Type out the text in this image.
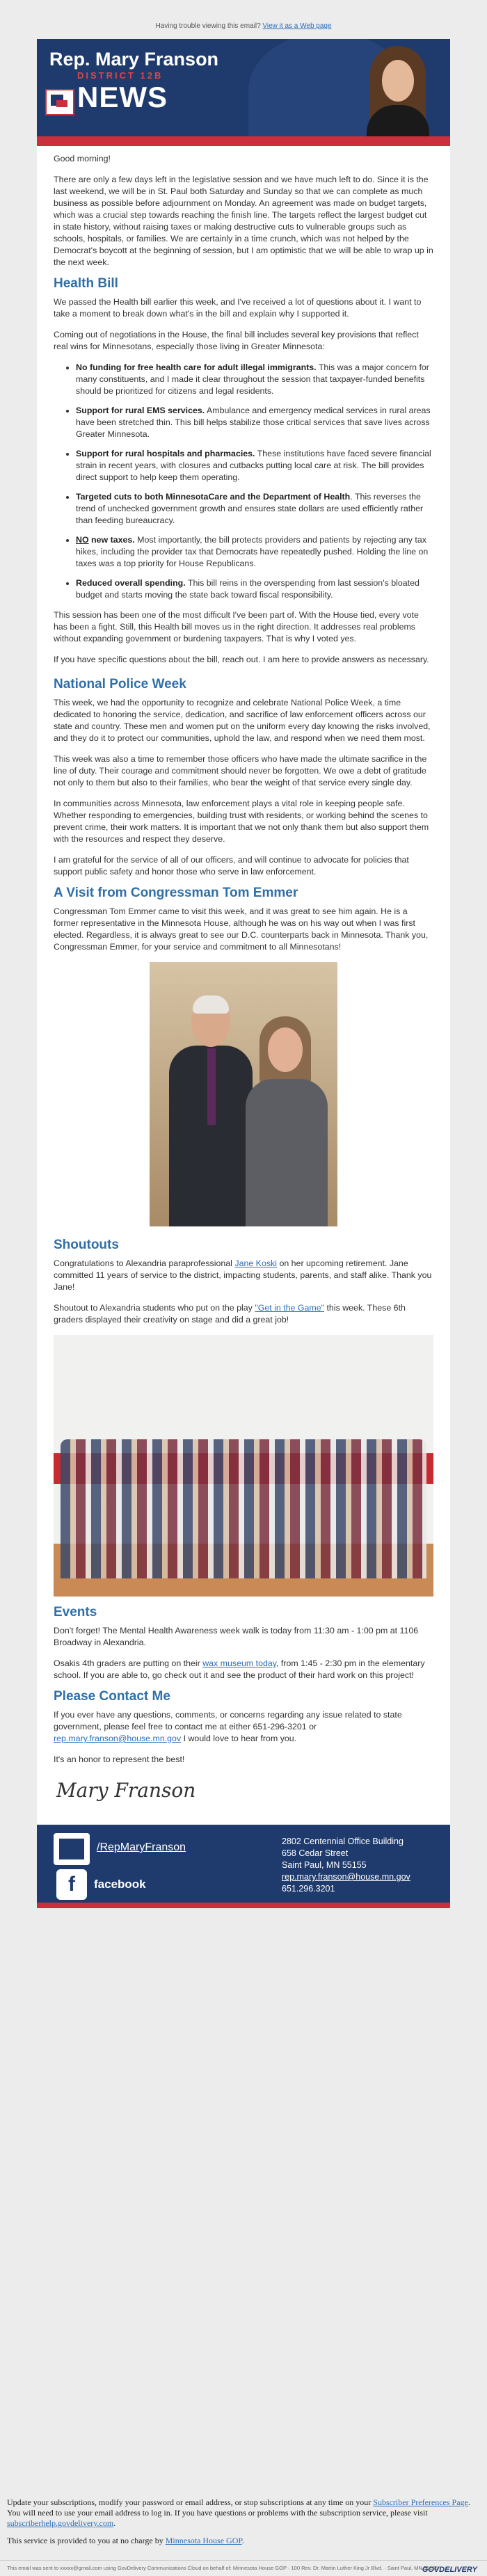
Having trouble viewing this email? View it as a Web page
Rep. Mary Franson
DISTRICT 12B
NEWS

Good morning!

There are only a few days left in the legislative session and we have much left to do. Since it is the last weekend, we will be in St. Paul both Saturday and Sunday so that we can complete as much business as possible before adjournment on Monday. An agreement was made on budget targets, which was a crucial step towards reaching the finish line. The targets reflect the largest budget cut in state history, without raising taxes or making destructive cuts to vulnerable groups such as schools, hospitals, or families. We are certainly in a time crunch, which was not helped by the Democrat's boycott at the beginning of session, but I am optimistic that we will be able to wrap up in the next week.

Health Bill

We passed the Health bill earlier this week, and I've received a lot of questions about it. I want to take a moment to break down what's in the bill and explain why I supported it.

Coming out of negotiations in the House, the final bill includes several key provisions that reflect real wins for Minnesotans, especially those living in Greater Minnesota:

• No funding for free health care for adult illegal immigrants. This was a major concern for many constituents, and I made it clear throughout the session that taxpayer-funded benefits should be prioritized for citizens and legal residents.
• Support for rural EMS services. Ambulance and emergency medical services in rural areas have been stretched thin. This bill helps stabilize those critical services that save lives across Greater Minnesota.
• Support for rural hospitals and pharmacies. These institutions have faced severe financial strain in recent years, with closures and cutbacks putting local care at risk. The bill provides direct support to help keep them operating.
• Targeted cuts to both MinnesotaCare and the Department of Health. This reverses the trend of unchecked government growth and ensures state dollars are used efficiently rather than feeding bureaucracy.
• NO new taxes. Most importantly, the bill protects providers and patients by rejecting any tax hikes, including the provider tax that Democrats have repeatedly pushed. Holding the line on taxes was a top priority for House Republicans.
• Reduced overall spending. This bill reins in the overspending from last session's bloated budget and starts moving the state back toward fiscal responsibility.

This session has been one of the most difficult I've been part of. With the House tied, every vote has been a fight. Still, this Health bill moves us in the right direction. It addresses real problems without expanding government or burdening taxpayers. That is why I voted yes.

If you have specific questions about the bill, reach out. I am here to provide answers as necessary.

National Police Week

This week, we had the opportunity to recognize and celebrate National Police Week, a time dedicated to honoring the service, dedication, and sacrifice of law enforcement officers across our state and country. These men and women put on the uniform every day knowing the risks involved, and they do it to protect our communities, uphold the law, and respond when we need them most.

This week was also a time to remember those officers who have made the ultimate sacrifice in the line of duty. Their courage and commitment should never be forgotten. We owe a debt of gratitude not only to them but also to their families, who bear the weight of that service every single day.

In communities across Minnesota, law enforcement plays a vital role in keeping people safe. Whether responding to emergencies, building trust with residents, or working behind the scenes to prevent crime, their work matters. It is important that we not only thank them but also support them with the resources and respect they deserve.

I am grateful for the service of all of our officers, and will continue to advocate for policies that support public safety and honor those who serve in law enforcement.

A Visit from Congressman Tom Emmer

Congressman Tom Emmer came to visit this week, and it was great to see him again. He is a former representative in the Minnesota House, although he was on his way out when I was first elected. Regardless, it is always great to see our D.C. counterparts back in Minnesota. Thank you, Congressman Emmer, for your service and commitment to all Minnesotans!

Shoutouts

Congratulations to Alexandria paraprofessional Jane Koski on her upcoming retirement. Jane committed 11 years of service to the district, impacting students, parents, and staff alike. Thank you Jane!

Shoutout to Alexandria students who put on the play "Get in the Game" this week. These 6th graders displayed their creativity on stage and did a great job!

Events

Don't forget! The Mental Health Awareness week walk is today from 11:30 am - 1:00 pm at 1106 Broadway in Alexandria.

Osakis 4th graders are putting on their wax museum today, from 1:45 - 2:30 pm in the elementary school. If you are able to, go check out it and see the product of their hard work on this project!

Please Contact Me

If you ever have any questions, comments, or concerns regarding any issue related to state government, please feel free to contact me at either 651-296-3201 or rep.mary.franson@house.mn.gov I would love to hear from you.

It's an honor to represent the best!

Mary Franson
/RepMaryFranson
f	facebook
2802 Centennial Office Building
658 Cedar Street
Saint Paul, MN 55155
rep.mary.franson@house.mn.gov
651.296.3201
Update your subscriptions, modify your password or email address, or stop subscriptions at any time on your Subscriber Preferences Page. You will need to use your email address to log in. If you have questions or problems with the subscription service, please visit subscriberhelp.govdelivery.com.
This service is provided to you at no charge by Minnesota House GOP.
This email was sent to xxxxx@gmail.com using GovDelivery Communications Cloud on behalf of: Minnesota House GOP · 100 Rev. Dr. Martin Luther King Jr Blvd. · Saint Paul, MN 55155
GOVDELIVERY
